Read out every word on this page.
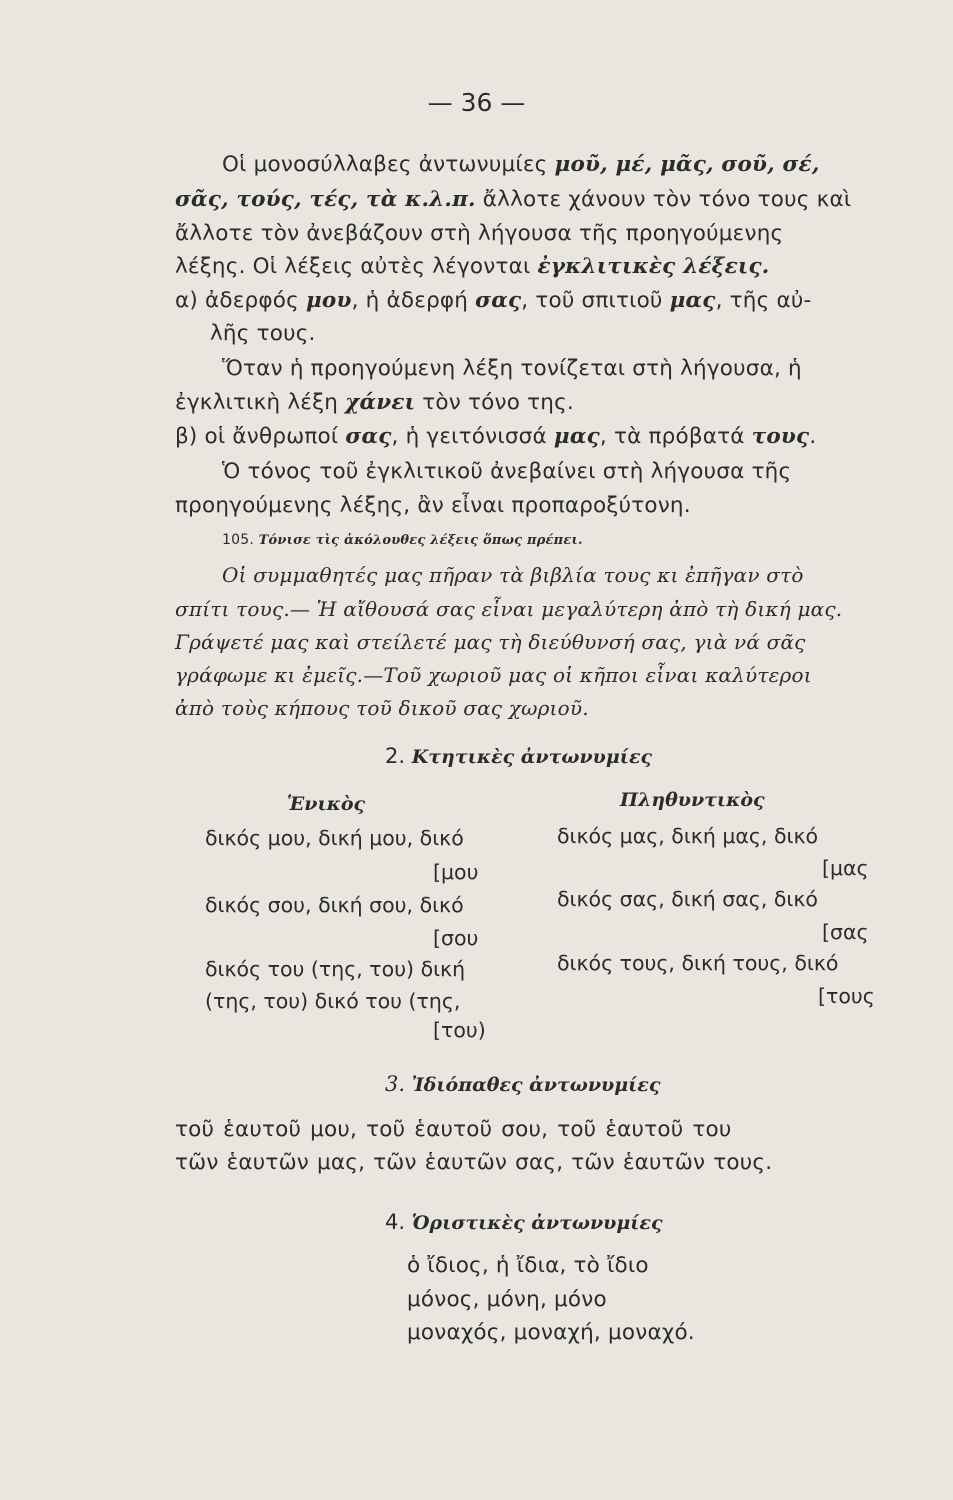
— 36 —
Οἱ μονοσύλλαβες ἀντωνυμίες μοῦ, μέ, μᾶς, σοῦ, σέ,
σᾶς, τούς, τές, τὰ κ.λ.π. ἄλλοτε χάνουν τὸν τόνο τους καὶ
ἄλλοτε τὸν ἀνεβάζουν στὴ λήγουσα τῆς προηγούμενης
λέξης. Οἱ λέξεις αὐτὲς λέγονται ἐγκλιτικὲς λέξεις.
α) ἀδερφός μου, ἡ ἀδερφή σας, τοῦ σπιτιοῦ μας, τῆς αὐ-
λῆς τους.
Ὅταν ἡ προηγούμενη λέξη τονίζεται στὴ λήγουσα, ἡ
ἐγκλιτικὴ λέξη χάνει τὸν τόνο της.
β) οἱ ἄνθρωποί σας, ἡ γειτόνισσά μας, τὰ πρόβατά τους.
Ὁ τόνος τοῦ ἐγκλιτικοῦ ἀνεβαίνει στὴ λήγουσα τῆς
προηγούμενης λέξης, ἂν εἶναι προπαροξύτονη.
105. Τόνισε τὶς ἀκόλουθες λέξεις ὅπως πρέπει.
Οἱ συμμαθητές μας πῆραν τὰ βιβλία τους κι ἐπῆγαν στὸ
σπίτι τους.— Ἡ αἴθουσά σας εἶναι μεγαλύτερη ἀπὸ τὴ δική μας.
Γράψετέ μας καὶ στείλετέ μας τὴ διεύθυνσή σας, γιὰ νά σᾶς
γράφωμε κι ἐμεῖς.—Τοῦ χωριοῦ μας οἱ κῆποι εἶναι καλύτεροι
ἀπὸ τοὺς κήπους τοῦ δικοῦ σας χωριοῦ.
2. Κτητικὲς ἀντωνυμίες
Ἑνικὸς	Πληθυντικὸς
δικός μου, δική μου, δικό
[μου
δικός σου, δική σου, δικό
[σου
δικός του (της, του) δική
(της, του) δικό του (της,
[του)
δικός μας, δική μας, δικό
[μας
δικός σας, δική σας, δικό
[σας
δικός τους, δική τους, δικό
[τους
3. Ἰδιόπαθες ἀντωνυμίες
τοῦ ἑαυτοῦ μου, τοῦ ἑαυτοῦ σου, τοῦ ἑαυτοῦ του
τῶν ἑαυτῶν μας, τῶν ἑαυτῶν σας, τῶν ἑαυτῶν τους.
4. Ὁριστικὲς ἀντωνυμίες
ὁ ἴδιος, ἡ ἴδια, τὸ ἴδιο
μόνος, μόνη, μόνο
μοναχός, μοναχή, μοναχό.
